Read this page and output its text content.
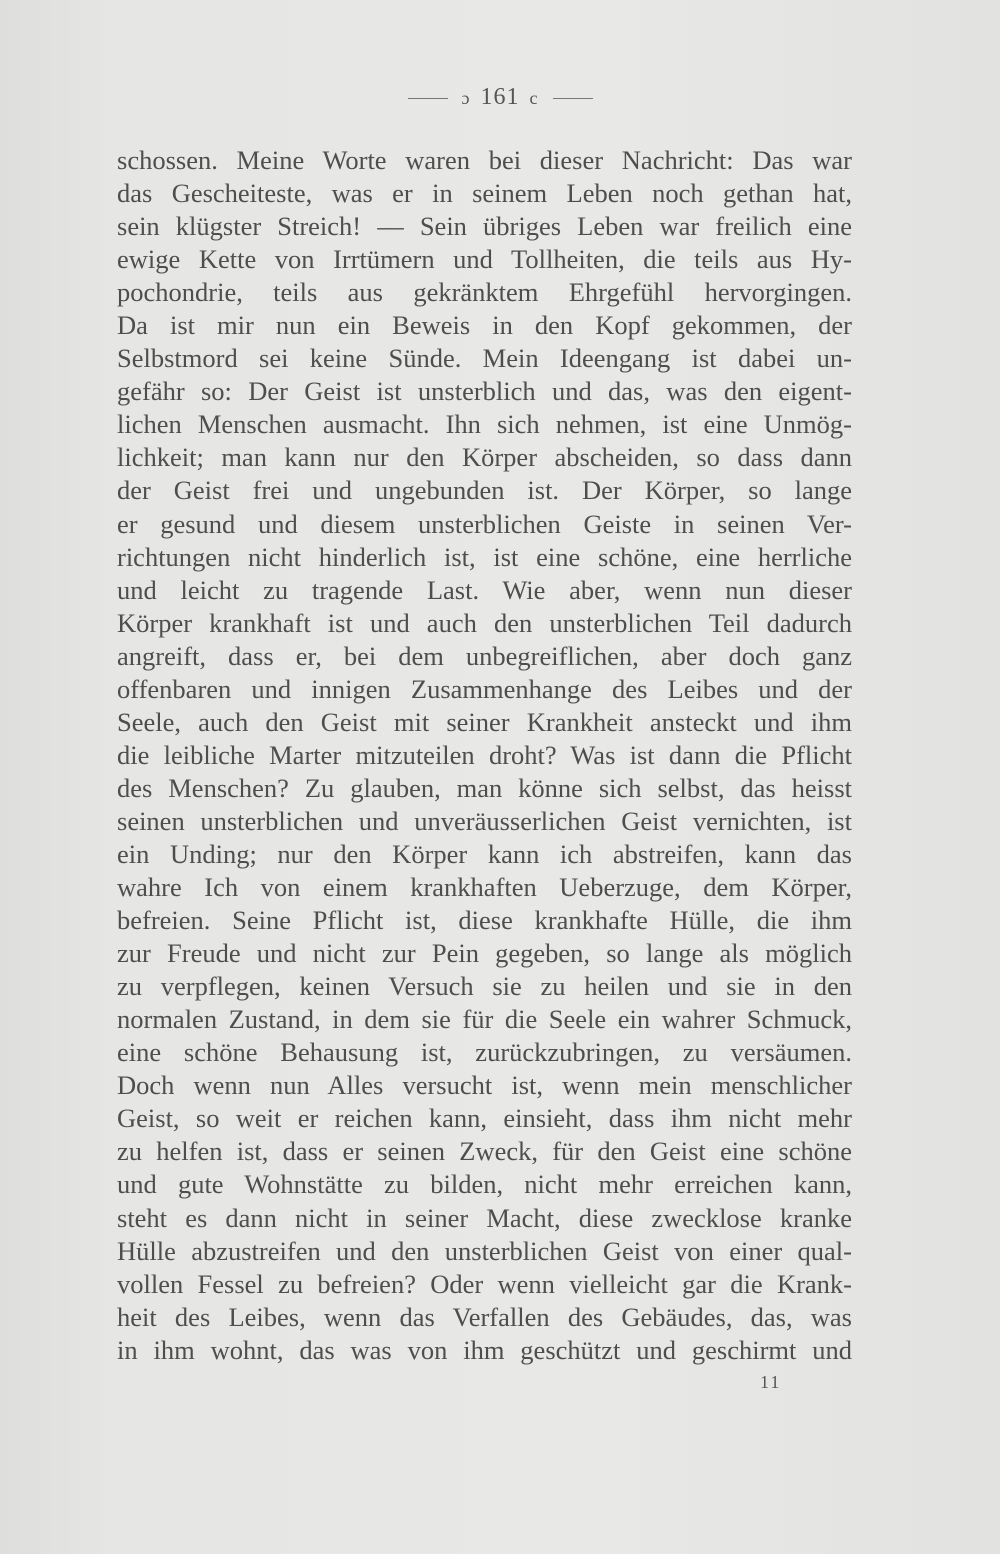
ɔ 161 c
schossen. Meine Worte waren bei dieser Nachricht: Das war
das Gescheiteste, was er in seinem Leben noch gethan hat,
sein klügster Streich! — Sein übriges Leben war freilich eine
ewige Kette von Irrtümern und Tollheiten, die teils aus Hy-
pochondrie, teils aus gekränktem Ehrgefühl hervorgingen.
Da ist mir nun ein Beweis in den Kopf gekommen, der
Selbstmord sei keine Sünde. Mein Ideengang ist dabei un-
gefähr so: Der Geist ist unsterblich und das, was den eigent-
lichen Menschen ausmacht. Ihn sich nehmen, ist eine Unmög-
lichkeit; man kann nur den Körper abscheiden, so dass dann
der Geist frei und ungebunden ist. Der Körper, so lange
er gesund und diesem unsterblichen Geiste in seinen Ver-
richtungen nicht hinderlich ist, ist eine schöne, eine herrliche
und leicht zu tragende Last. Wie aber, wenn nun dieser
Körper krankhaft ist und auch den unsterblichen Teil dadurch
angreift, dass er, bei dem unbegreiflichen, aber doch ganz
offenbaren und innigen Zusammenhange des Leibes und der
Seele, auch den Geist mit seiner Krankheit ansteckt und ihm
die leibliche Marter mitzuteilen droht? Was ist dann die Pflicht
des Menschen? Zu glauben, man könne sich selbst, das heisst
seinen unsterblichen und unveräusserlichen Geist vernichten, ist
ein Unding; nur den Körper kann ich abstreifen, kann das
wahre Ich von einem krankhaften Ueberzuge, dem Körper,
befreien. Seine Pflicht ist, diese krankhafte Hülle, die ihm
zur Freude und nicht zur Pein gegeben, so lange als möglich
zu verpflegen, keinen Versuch sie zu heilen und sie in den
normalen Zustand, in dem sie für die Seele ein wahrer Schmuck,
eine schöne Behausung ist, zurückzubringen, zu versäumen.
Doch wenn nun Alles versucht ist, wenn mein menschlicher
Geist, so weit er reichen kann, einsieht, dass ihm nicht mehr
zu helfen ist, dass er seinen Zweck, für den Geist eine schöne
und gute Wohnstätte zu bilden, nicht mehr erreichen kann,
steht es dann nicht in seiner Macht, diese zwecklose kranke
Hülle abzustreifen und den unsterblichen Geist von einer qual-
vollen Fessel zu befreien? Oder wenn vielleicht gar die Krank-
heit des Leibes, wenn das Verfallen des Gebäudes, das, was
in ihm wohnt, das was von ihm geschützt und geschirmt und
11
